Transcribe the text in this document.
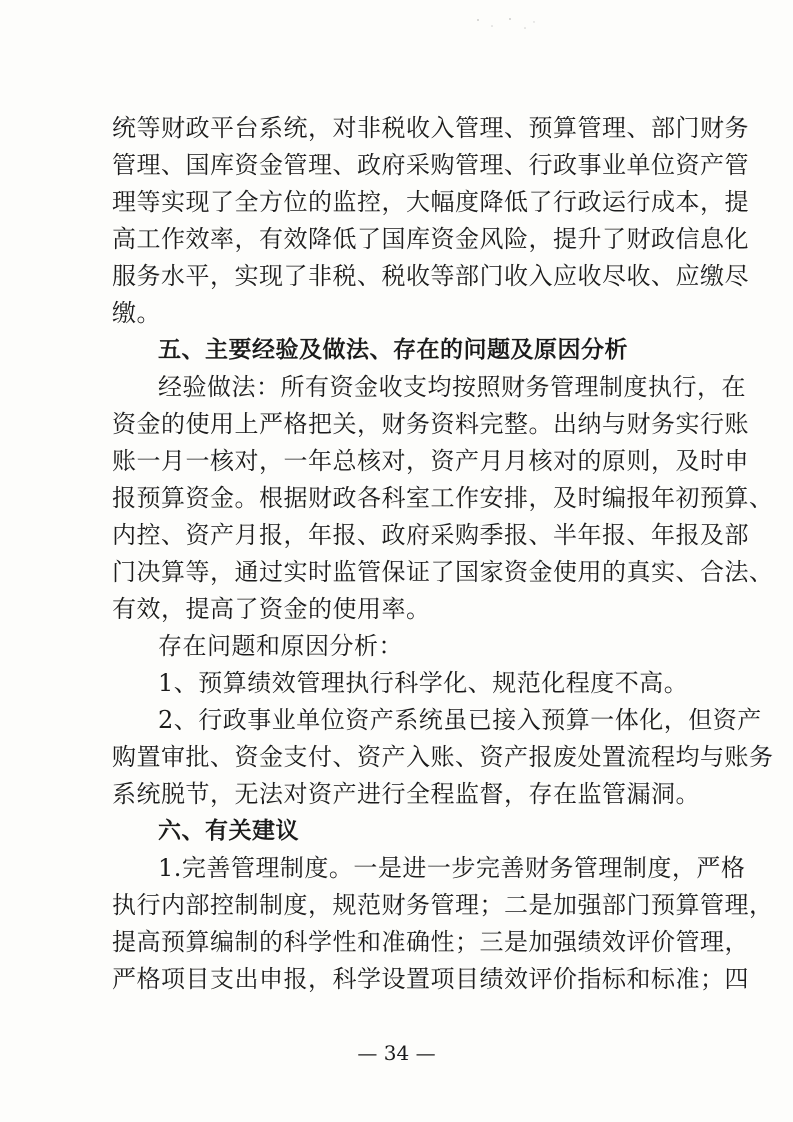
统等财政平台系统，对非税收入管理、预算管理、部门财务
管理、国库资金管理、政府采购管理、行政事业单位资产管
理等实现了全方位的监控，大幅度降低了行政运行成本，提
高工作效率，有效降低了国库资金风险，提升了财政信息化
服务水平，实现了非税、税收等部门收入应收尽收、应缴尽
缴。
五、主要经验及做法、存在的问题及原因分析
经验做法：所有资金收支均按照财务管理制度执行，在
资金的使用上严格把关，财务资料完整。出纳与财务实行账
账一月一核对，一年总核对，资产月月核对的原则，及时申
报预算资金。根据财政各科室工作安排，及时编报年初预算、
内控、资产月报，年报、政府采购季报、半年报、年报及部
门决算等，通过实时监管保证了国家资金使用的真实、合法、
有效，提高了资金的使用率。
存在问题和原因分析：
1、预算绩效管理执行科学化、规范化程度不高。
2、行政事业单位资产系统虽已接入预算一体化，但资产
购置审批、资金支付、资产入账、资产报废处置流程均与账务
系统脱节，无法对资产进行全程监督，存在监管漏洞。
六、有关建议
1.完善管理制度。一是进一步完善财务管理制度，严格
执行内部控制制度，规范财务管理；二是加强部门预算管理，
提高预算编制的科学性和准确性；三是加强绩效评价管理，
严格项目支出申报，科学设置项目绩效评价指标和标准；四
— 34 —
